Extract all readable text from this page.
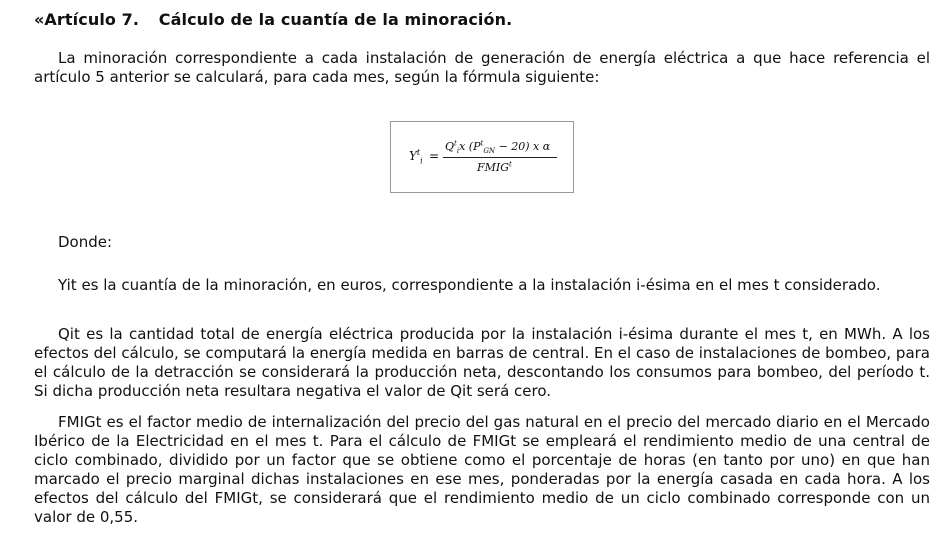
«Artículo 7. Cálculo de la cuantía de la minoración.

La minoración correspondiente a cada instalación de generación de energía eléctrica a que hace referencia el artículo 5 anterior se calculará, para cada mes, según la fórmula siguiente:

$Y^t_i$ =
$Q^t_ix$ $(P^t_{GN} - 20)$ x α
FMIG$^t$

Donde:

Yit es la cuantía de la minoración, en euros, correspondiente a la instalación i-ésima en el mes t considerado.

Qit es la cantidad total de energía eléctrica producida por la instalación i-ésima durante el mes t, en MWh. A los efectos del cálculo, se computará la energía medida en barras de central. En el caso de instalaciones de bombeo, para el cálculo de la detracción se considerará la producción neta, descontando los consumos para bombeo, del período t. Si dicha producción neta resultara negativa el valor de Qit será cero.

FMIGt es el factor medio de internalización del precio del gas natural en el precio del mercado diario en el Mercado Ibérico de la Electricidad en el mes t. Para el cálculo de FMIGt se empleará el rendimiento medio de una central de ciclo combinado, dividido por un factor que se obtiene como el porcentaje de horas (en tanto por uno) en que han marcado el precio marginal dichas instalaciones en ese mes, ponderadas por la energía casada en cada hora. A los efectos del cálculo del FMIGt, se considerará que el rendimiento medio de un ciclo combinado corresponde con un valor de 0,55.
